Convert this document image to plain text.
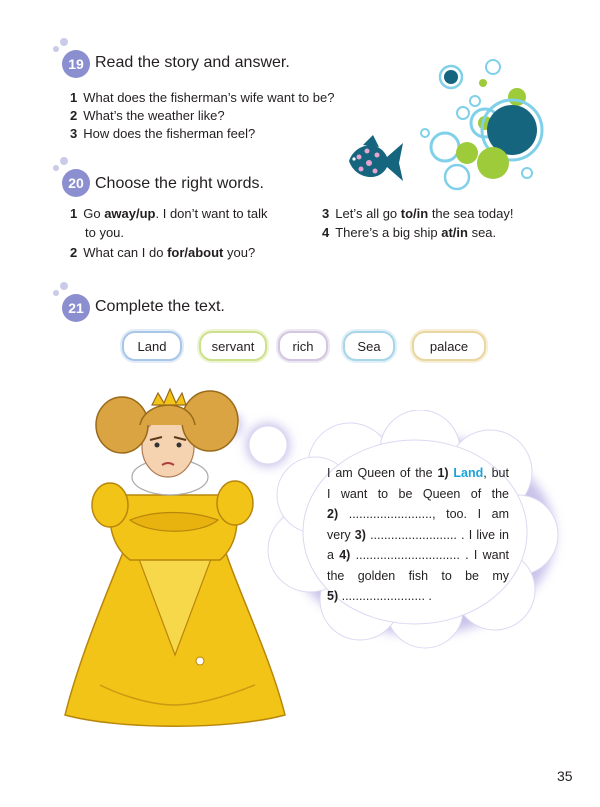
19 Read the story and answer.
1 What does the fisherman’s wife want to be?
2 What’s the weather like?
3 How does the fisherman feel?
20 Choose the right words.
1 Go away/up. I don’t want to talk
to you.
2 What can I do for/about you?
3 Let’s all go to/in the sea today!
4 There’s a big ship at/in sea.
21 Complete the text.
Land	servant	rich	Sea	palace
I am Queen of the 1) Land, but
I want to be Queen of the
2) ........................, too. I am
very 3) ......................... . I live in
a 4) .............................. . I want
the golden fish to be my
5) ........................ .
35
